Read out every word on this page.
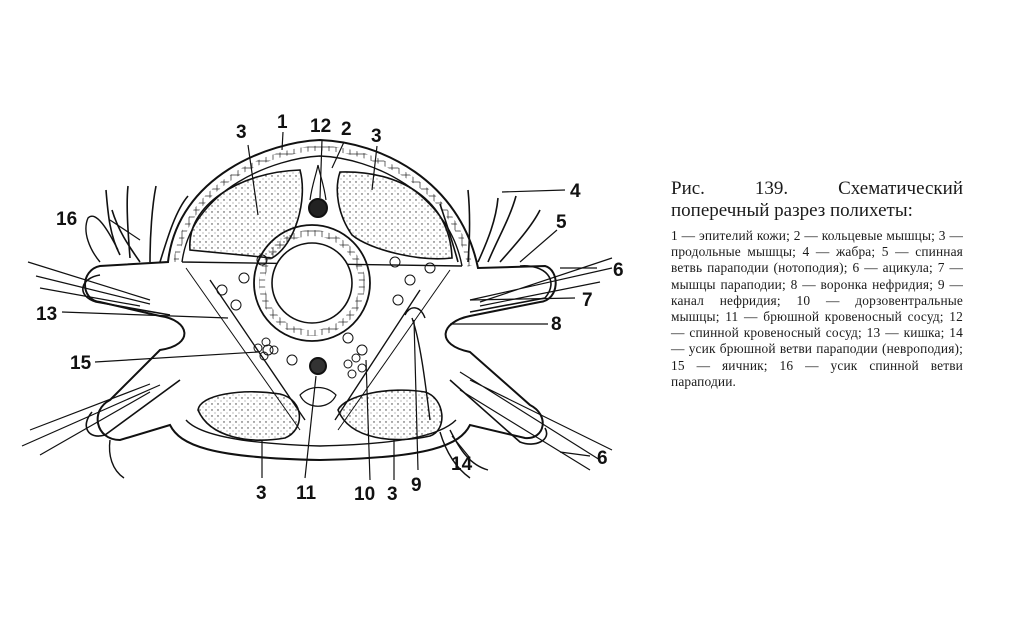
3 1 12 2 3
4
16	5
6
7
13	8
15
14	6
9
3 11 10 3

Рис. 139. Схематический поперечный разрез полихеты:

1 — эпителий кожи; 2 — кольцевые мышцы; 3 — продольные мышцы; 4 — жабра; 5 — спинная ветвь параподии (нотоподия); 6 — ацикула; 7 — мышцы параподии; 8 — воронка нефридия; 9 — канал нефридия; 10 — дорзовентральные мышцы; 11 — брюшной кровеносный сосуд; 12 — спинной кровеносный сосуд; 13 — кишка; 14 — усик брюшной ветви параподии (невроподия); 15 — яичник; 16 — усик спинной ветви параподии.
